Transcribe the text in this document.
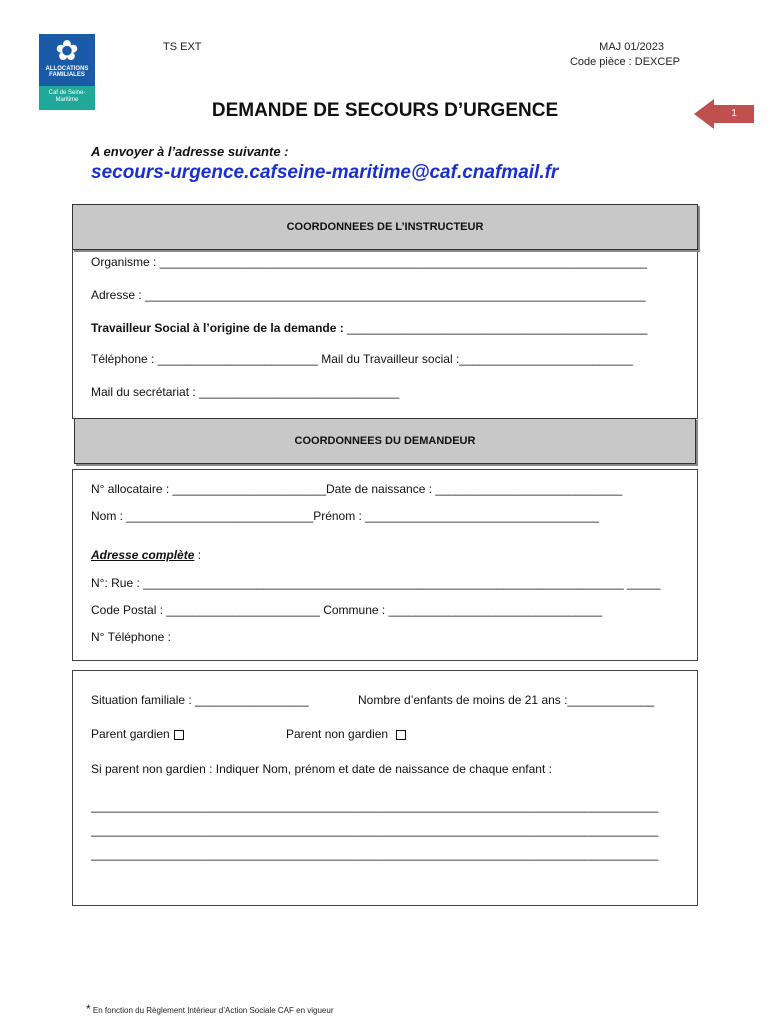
✿
ALLOCATIONS FAMILIALES
Caf de Seine-Maritime
TS EXT	MAJ 01/2023
Code pièce : DEXCEP
DEMANDE DE SECOURS D’URGENCE	1
A envoyer à l’adresse suivante :
secours-urgence.cafseine-maritime@caf.cnafmail.fr
COORDONNEES DE L’INSTRUCTEUR
Organisme : _________________________________________________________________________
Adresse : ___________________________________________________________________________
Travailleur Social à l’origine de la demande : _____________________________________________
Téléphone : ________________________ Mail du Travailleur social :__________________________
Mail du secrétariat : ______________________________
COORDONNEES DU DEMANDEUR
N° allocataire : _______________________Date de naissance : ____________________________
Nom : ____________________________Prénom : ___________________________________
Adresse complète :
N°: Rue : ________________________________________________________________________ _____
Code Postal : _______________________ Commune : ________________________________
N° Téléphone :
Situation familiale : _________________	Nombre d’enfants de moins de 21 ans :_____________
Parent gardien	Parent non gardien
Si parent non gardien : Indiquer Nom, prénom et date de naissance de chaque enfant :
_____________________________________________________________________________________
_____________________________________________________________________________________
_____________________________________________________________________________________
* En fonction du Règlement Intérieur d’Action Sociale CAF en vigueur
